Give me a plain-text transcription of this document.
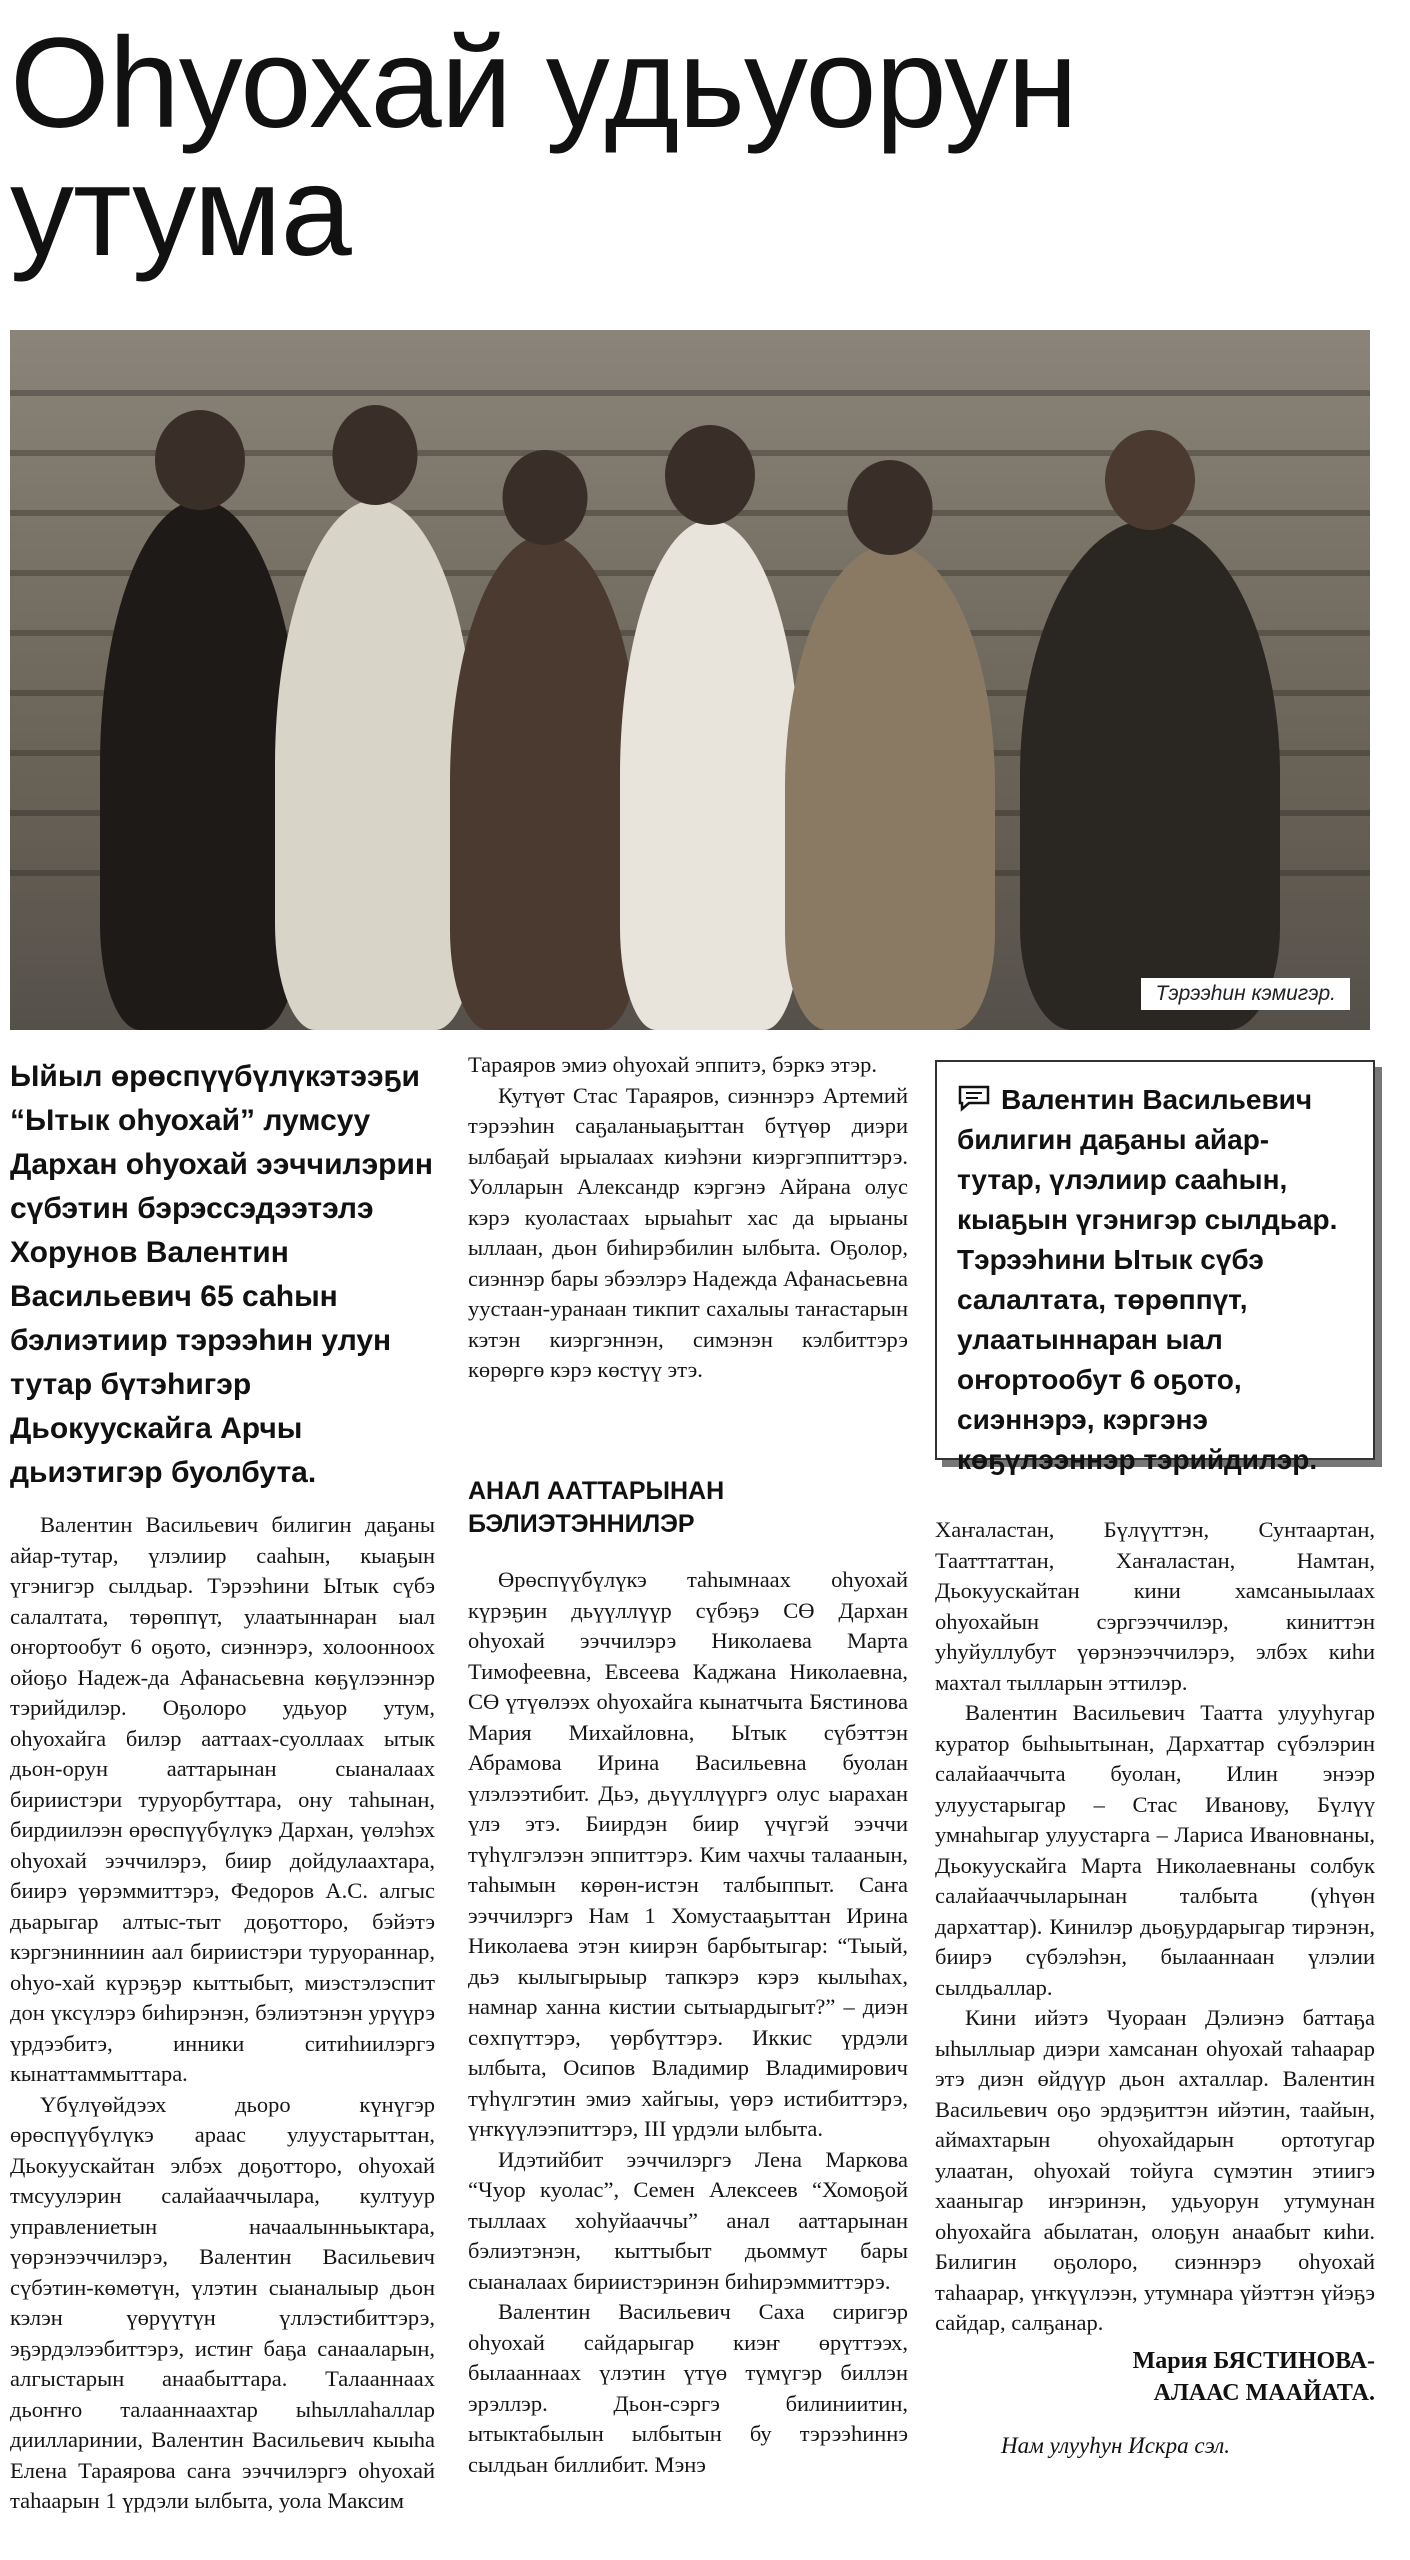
Оһуохай удьуорун
утума
Тэрээһин кэмигэр.

Ыйыл өрөспүүбүлүкэтээҕи “Ытык оһуохай” лумсуу Дархан оһуохай ээччилэрин сүбэтин бэрэссэдээтэлэ Хорунов Валентин Васильевич 65 саһын бэлиэтиир тэрээһин улун тутар бүтэһигэр Дьокуускайга Арчы дьиэтигэр буолбута.

Валентин Васильевич билигин даҕаны айар-тутар, үлэлиир сааһын, кыаҕын үгэнигэр сылдьар. Тэрээһини Ытык сүбэ салалтата, төрөппүт, улаатыннаран ыал оҥортообут 6 оҕото, сиэннэрэ, кэргэнэ көҕүлээннэр тэрийдилэр.

Валентин Васильевич билигин даҕаны айар-тутар, үлэлиир сааһын, кыаҕын үгэнигэр сылдьар. Тэрээһини Ытык сүбэ салалтата, төрөппүт, улаатыннаран ыал оҥортообут 6 оҕото, сиэннэрэ, холоонноох ойоҕо Надеж-да Афанасьевна көҕүлээннэр тэрийдилэр. Оҕолоро удьуор утум, оһуохайга билэр ааттаах-суоллаах ытык дьон-орун ааттарынан сыаналаах бириистэри туруорбуттара, ону таһынан, бирдиилээн өрөспүүбүлүкэ Дархан, үөлэһэх оһуохай ээччилэрэ, биир дойдулаахтара, биирэ үөрэммиттэрэ, Федоров А.С. алгыс дьарыгар алтыс-тыт доҕотторо, бэйэтэ кэргэнинниин аал бириистэри туруораннар, оһуо-хай күрэҕэр кыттыбыт, миэстэлэспит дон үксүлэрэ биһирэнэн, бэлиэтэнэн урүүрэ үрдээбитэ, инники ситиһиилэргэ кынаттаммыттара.

Үбүлүөйдээх дьоро күнүгэр өрөспүүбүлүкэ араас улуустарыттан, Дьокуускайтан элбэх доҕотторо, оһуохай тмсуулэрин салайааччылара, култуур управлениетын начаалынньыктара, үөрэнээччилэрэ, Валентин Васильевич сүбэтин-көмөтүн, үлэтин сыаналыыр дьон кэлэн үөрүүтүн үллэстибиттэрэ, эҕэрдэлээбиттэрэ, истиҥ баҕа санааларын, алгыстарын анаабыттара. Талааннаах дьоҥҥо талааннаахтар ыһыллаһаллар диилларинии, Валентин Васильевич кыыһа Елена Тараярова саҥа ээччилэргэ оһуохай таһаарын 1 үрдэли ылбыта, уола Максим

Тараяров эмиэ оһуохай эппитэ, бэркэ этэр.

Кутүөт Стас Тараяров, сиэннэрэ Артемий тэрээһин саҕаланыаҕыттан бүтүөр диэри ылбаҕай ырыалаах киэһэни киэргэппиттэрэ. Уолларын Александр кэргэнэ Айрана олус кэрэ куоластаах ырыаһыт хас да ырыаны ыллаан, дьон биһирэбилин ылбыта. Оҕолор, сиэннэр бары эбээлэрэ Надежда Афанасьевна уустаан-уранаан тикпит сахалыы таҥастарын кэтэн киэргэннэн, симэнэн кэлбиттэрэ көрөргө кэрэ көстүү этэ.

АНАЛ ААТТАРЫНАН БЭЛИЭТЭННИЛЭР

Өрөспүүбүлүкэ таһымнаах оһуохай күрэҕин дьүүллүүр сүбэҕэ СӨ Дархан оһуохай ээччилэрэ Николаева Марта Тимофеевна, Евсеева Каджана Николаевна, СӨ үтүөлээх оһуохайга кынатчыта Бястинова Мария Михайловна, Ытык сүбэттэн Абрамова Ирина Васильевна буолан үлэлээтибит. Дьэ, дьүүллүүргэ олус ыарахан үлэ этэ. Биирдэн биир үчүгэй ээччи түһүлгэлээн эппиттэрэ. Ким чахчы талаанын, таһымын көрөн-истэн талбыппыт. Саҥа ээччилэргэ Нам 1 Хомустааҕыттан Ирина Николаева этэн киирэн барбытыгар: “Тыый, дьэ кылыгырыыр тапкэрэ кэрэ кылыһах, намнар ханна кистии сытыардыгыт?” – диэн сөхпүттэрэ, үөрбүттэрэ. Иккис үрдэли ылбыта, Осипов Владимир Владимирович түһүлгэтин эмиэ хайгыы, үөрэ истибиттэрэ, үҥкүүлээпиттэрэ, III үрдэли ылбыта.

Идэтийбит ээччилэргэ Лена Маркова “Чуор куолас”, Семен Алексеев “Хомоҕой тыллаах хоһуйааччы” анал ааттарынан бэлиэтэнэн, кыттыбыт дьоммут бары сыаналаах бириистэринэн биһирэммиттэрэ.

Валентин Васильевич Саха сиригэр оһуохай сайдарыгар киэҥ өрүттээх, былааннаах үлэтин үтүө түмүгэр биллэн эрэллэр. Дьон-сэргэ билиниитин, ытыктабылын ылбытын бу тэрээһиннэ сылдьан биллибит. Мэнэ

Хаҥаластан, Бүлүүттэн, Сунтаартан, Таатттаттан, Хаҥаластан, Намтан, Дьокуускайтан кини хамсаныылаах оһуохайын сэргээччилэр, киниттэн уһуйуллубут үөрэнээччилэрэ, элбэх киһи махтал тылларын эттилэр.

Валентин Васильевич Таатта улууһугар куратор быһыытынан, Дархаттар сүбэлэрин салайааччыта буолан, Илин энээр улуустарыгар – Стас Иванову, Бүлүү умнаһыгар улуустарга – Лариса Ивановнаны, Дьокуускайга Марта Николаевнаны солбук салайааччыларынан талбыта (үһүөн дархаттар). Кинилэр дьоҕурдарыгар тирэнэн, биирэ сүбэлэһэн, былааннаан үлэлии сылдьаллар.

Кини ийэтэ Чуораан Дэлиэнэ баттаҕа ыһыллыар диэри хамсанан оһуохай таһаарар этэ диэн өйдүүр дьон ахталлар. Валентин Васильевич оҕо эрдэҕиттэн ийэтин, таайын, аймахтарын оһуохайдарын ортотугар улаатан, оһуохай тойуга сүмэтин этиигэ хааныгар иҥэринэн, удьуорун утумунан оһуохайга абылатан, олоҕун анаабыт киһи. Билигин оҕолоро, сиэннэрэ оһуохай таһаарар, үҥкүүлээн, утумнара үйэттэн үйэҕэ сайдар, салҕанар.

Мария БЯСТИНОВА-
АЛААС МААЙАТА.
Нам улууһун Искра сэл.
